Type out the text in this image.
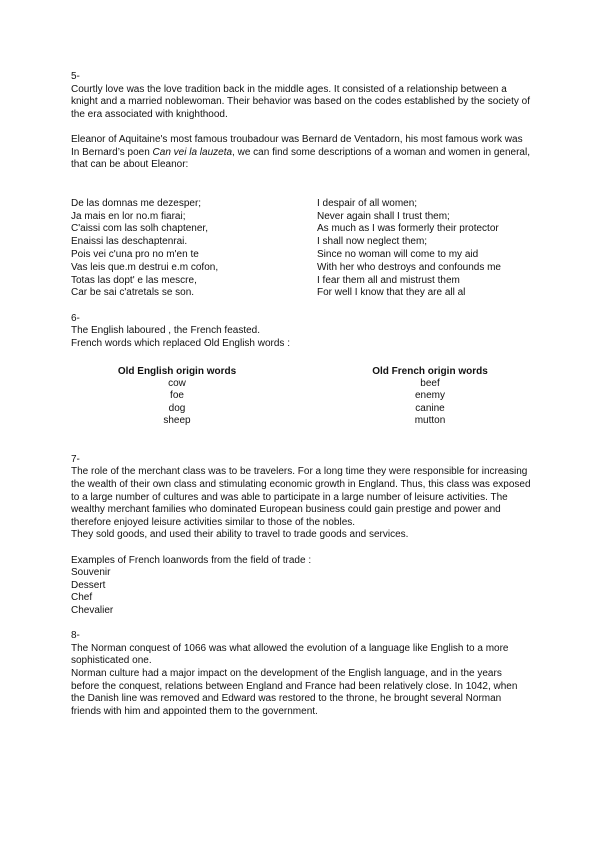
5-

Courtly love was the love tradition back in the middle ages. It consisted of a relationship between a knight and a married noblewoman. Their behavior was based on the codes established by the society of the era associated with knighthood.

Eleanor of Aquitaine's most famous troubadour was Bernard de Ventadorn, his most famous work was

In Bernard’s poen Can vei la lauzeta, we can find some descriptions of a woman and women in general, that can be about Eleanor:

De las domnas me dezesper;
Ja mais en lor no.m fiarai;
C'aissi com las solh chaptener,
Enaissi las deschaptenrai.
Pois vei c'una pro no m'en te
Vas leis que.m destrui e.m cofon,
Totas las dopt' e las mescre,
Car be sai c'atretals se son.
I despair of all women;
Never again shall I trust them;
As much as I was formerly their protector
I shall now neglect them;
Since no woman will come to my aid
With her who destroys and confounds me
I fear them all and mistrust them
For well I know that they are all al

6-

The English laboured , the French feasted.

French words which replaced Old English words :

Old English origin words
cow
foe
dog
sheep
Old French origin words
beef
enemy
canine
mutton

7-

The role of the merchant class was to be travelers. For a long time they were responsible for increasing the wealth of their own class and stimulating economic growth in England. Thus, this class was exposed to a large number of cultures and was able to participate in a large number of leisure activities. The wealthy merchant families who dominated European business could gain prestige and power and therefore enjoyed leisure activities similar to those of the nobles.

They sold goods, and used their ability to travel to trade goods and services.

Examples of French loanwords from the field of trade :

Souvenir

Dessert

Chef

Chevalier

8-

The Norman conquest of 1066 was what allowed the evolution of a language like English to a more sophisticated one.

Norman culture had a major impact on the development of the English language, and in the years before the conquest, relations between England and France had been relatively close. In 1042, when the Danish line was removed and Edward was restored to the throne, he brought several Norman friends with him and appointed them to the government.
